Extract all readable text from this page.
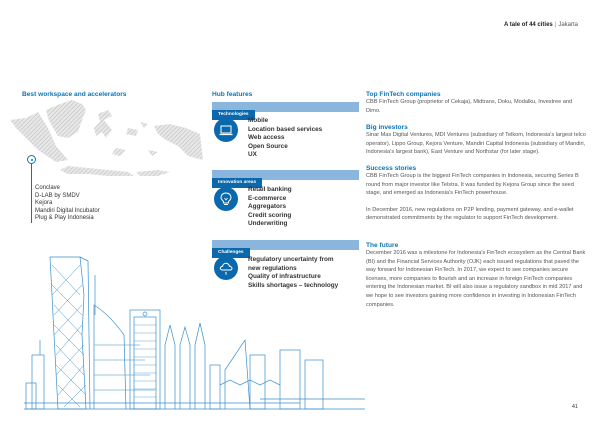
A tale of 44 cities | Jakarta
Best workspace and accelerators
Conclave
D-LAB by SMDV
Kejora
Mandiri Digital Incubator
Plug & Play Indonesia
Hub features
Technologies
Mobile
Location based services
Web access
Open Source
UX
Innovation areas
Retail banking
E-commerce
Aggregators
Credit scoring
Underwriting
Challenges
$
Regulatory uncertainty from
new regulations
Quality of infrastructure
Skills shortages – technology
Top FinTech companies

CBB FinTech Group (proprietor of Cekaja), Midtrans, Doku, Modalku, Investree and Dimo.

Big investors

Sinar Mas Digital Ventures, MDI Ventures (subsidiary of Telkom, Indonesia's largest telco operator), Lippo Group, Kejora Venture, Mandiri Capital Indonesia (subsidiary of Mandiri, Indonesia's largest bank), East Venture and Northstar (for later stage).

Success stories

CBB FinTech Group is the biggest FinTech companies in Indonesia, securing Series B round from major investor like Telstra. It was funded by Kejora Group since the seed stage, and emerged as Indonesia's FinTech powerhouse.

In December 2016, new regulations on P2P lending, payment gateway, and e-wallet demonstrated commitments by the regulator to support FinTech development.

The future

December 2016 was a milestone for Indonesia's FinTech ecosystem as the Central Bank (BI) and the Financial Services Authority (OJK) each issued regulations that paved the way forward for Indonesian FinTech. In 2017, we expect to see companies secure licenses, more companies to flourish and an increase in foreign FinTech companies entering the Indonesian market. BI will also issue a regulatory sandbox in mid 2017 and we hope to see investors gaining more confidence in investing in Indonesian FinTech companies.

41
